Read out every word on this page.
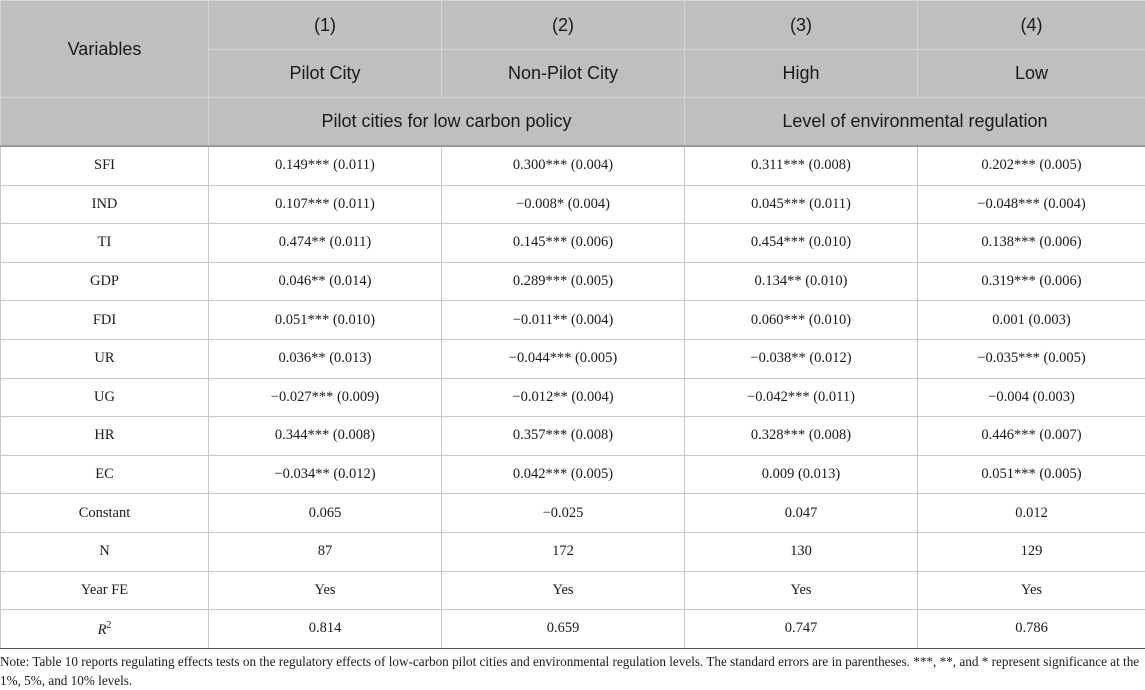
Variables	(1)	(2)	(3)	(4)
	Pilot City	Non-Pilot City	High	Low
	Pilot cities for low carbon policy		Level of environmental regulation	
SFI	0.149*** (0.011)	0.300*** (0.004)	0.311*** (0.008)	0.202*** (0.005)
IND	0.107*** (0.011)	−0.008* (0.004)	0.045*** (0.011)	−0.048*** (0.004)
TI	0.474** (0.011)	0.145*** (0.006)	0.454*** (0.010)	0.138*** (0.006)
GDP	0.046** (0.014)	0.289*** (0.005)	0.134** (0.010)	0.319*** (0.006)
FDI	0.051*** (0.010)	−0.011** (0.004)	0.060*** (0.010)	0.001 (0.003)
UR	0.036** (0.013)	−0.044*** (0.005)	−0.038** (0.012)	−0.035*** (0.005)
UG	−0.027*** (0.009)	−0.012** (0.004)	−0.042*** (0.011)	−0.004 (0.003)
HR	0.344*** (0.008)	0.357*** (0.008)	0.328*** (0.008)	0.446*** (0.007)
EC	−0.034** (0.012)	0.042*** (0.005)	0.009 (0.013)	0.051*** (0.005)
Constant	0.065	−0.025	0.047	0.012
N	87	172	130	129
Year FE	Yes	Yes	Yes	Yes
$R^2$	0.814	0.659	0.747	0.786
Note: Table 10 reports regulating effects tests on the regulatory effects of low-carbon pilot cities and environmental regulation levels. The standard errors are in parentheses. ***, **, and * represent significance at the 1%, 5%, and 10% levels.
